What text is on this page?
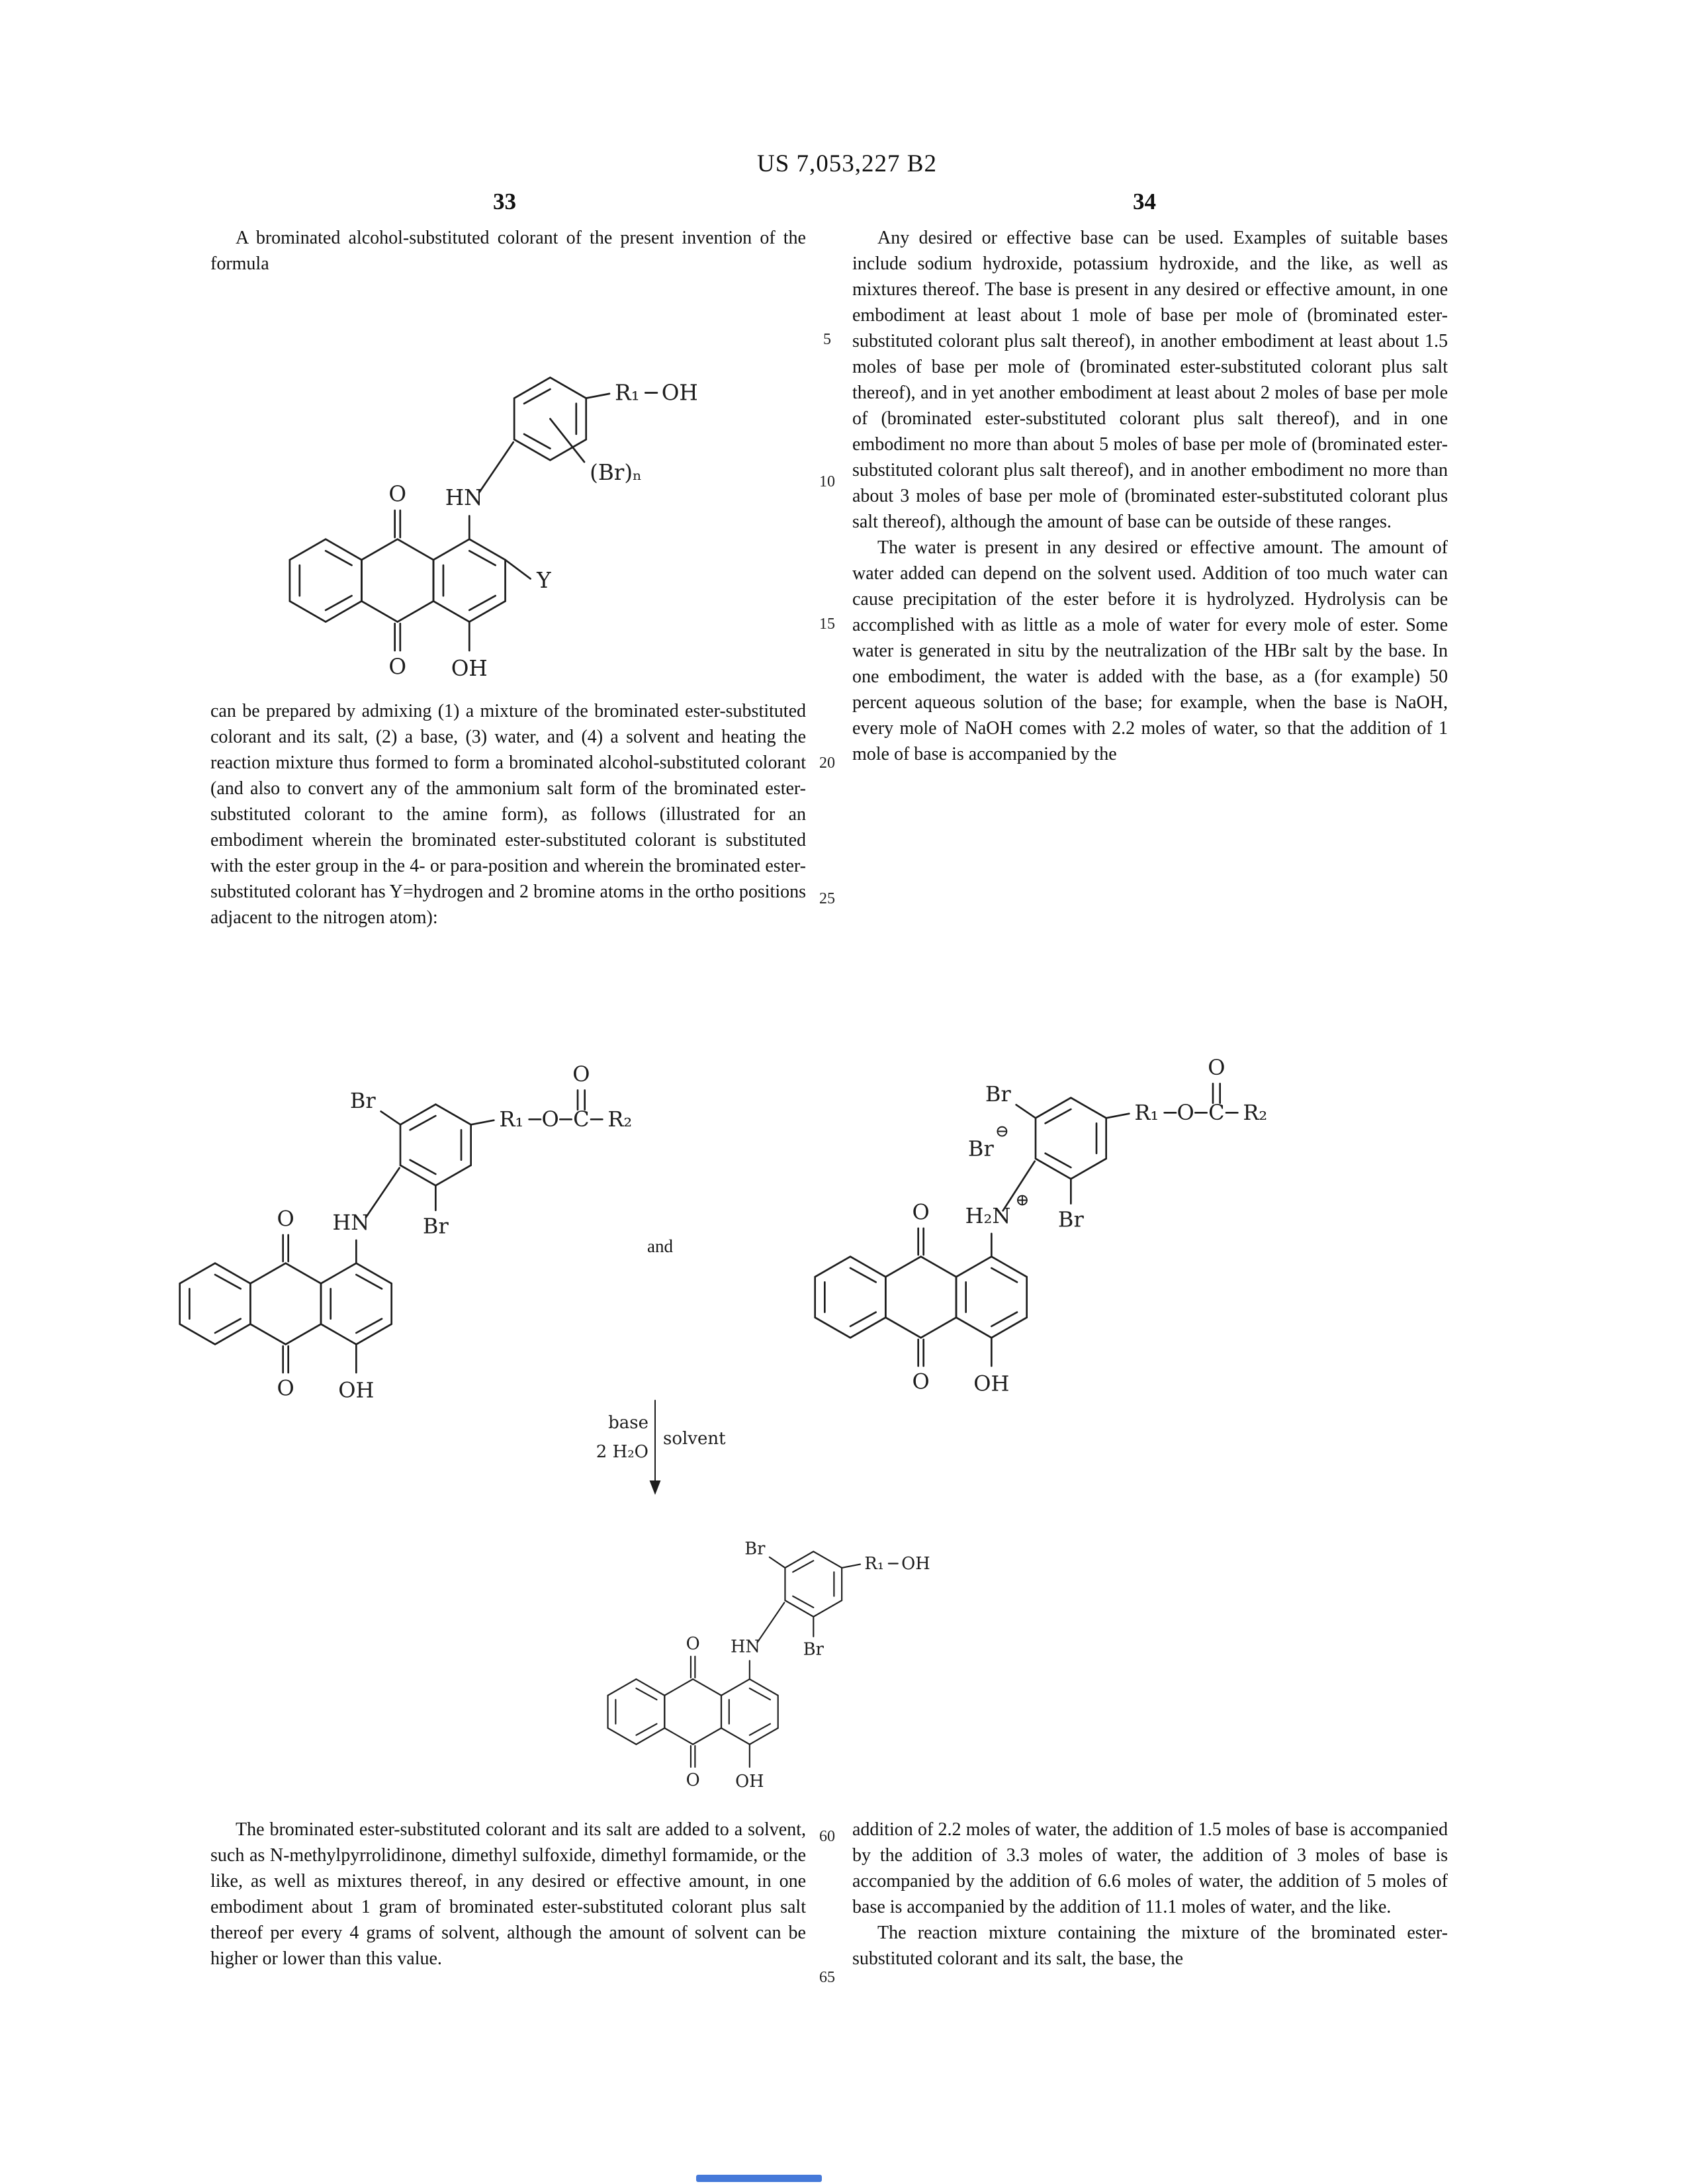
US 7,053,227 B2
33	34
5
10
15
20
25
60
65

A brominated alcohol-substituted colorant of the present invention of the formula

O
O
HN
OH
Y
R₁ OH
(Br)ₙ

can be prepared by admixing (1) a mixture of the brominated ester-substituted colorant and its salt, (2) a base, (3) water, and (4) a solvent and heating the reaction mixture thus formed to form a brominated alcohol-substituted colorant (and also to convert any of the ammonium salt form of the brominated ester-substituted colorant to the amine form), as follows (illustrated for an embodiment wherein the brominated ester-substituted colorant is substituted with the ester group in the 4- or para-position and wherein the brominated ester-substituted colorant has Y=hydrogen and 2 bromine atoms in the ortho positions adjacent to the nitrogen atom):

Any desired or effective base can be used. Examples of suitable bases include sodium hydroxide, potassium hydroxide, and the like, as well as mixtures thereof. The base is present in any desired or effective amount, in one embodiment at least about 1 mole of base per mole of (brominated ester-substituted colorant plus salt thereof), in another embodiment at least about 1.5 moles of base per mole of (brominated ester-substituted colorant plus salt thereof), and in yet another embodiment at least about 2 moles of base per mole of (brominated ester-substituted colorant plus salt thereof), and in one embodiment no more than about 5 moles of base per mole of (brominated ester-substituted colorant plus salt thereof), and in another embodiment no more than about 3 moles of base per mole of (brominated ester-substituted colorant plus salt thereof), although the amount of base can be outside of these ranges.

The water is present in any desired or effective amount. The amount of water added can depend on the solvent used. Addition of too much water can cause precipitation of the ester before it is hydrolyzed. Hydrolysis can be accomplished with as little as a mole of water for every mole of ester. Some water is generated in situ by the neutralization of the HBr salt by the base. In one embodiment, the water is added with the base, as a (for example) 50 percent aqueous solution of the base; for example, when the base is NaOH, every mole of NaOH comes with 2.2 moles of water, so that the addition of 1 mole of base is accompanied by the

O
O
HN
OH
Br
Br
R₁ O C
O
R₂
and
O
O
H₂N
⊕
Br
⊖
OH
Br
Br
R₁ O C
O
R₂
base
2 H₂O
solvent
O
O
HN
OH
Br
Br
R₁ OH

The brominated ester-substituted colorant and its salt are added to a solvent, such as N-methylpyrrolidinone, dimethyl sulfoxide, dimethyl formamide, or the like, as well as mixtures thereof, in any desired or effective amount, in one embodiment about 1 gram of brominated ester-substituted colorant plus salt thereof per every 4 grams of solvent, although the amount of solvent can be higher or lower than this value.

addition of 2.2 moles of water, the addition of 1.5 moles of base is accompanied by the addition of 3.3 moles of water, the addition of 3 moles of base is accompanied by the addition of 6.6 moles of water, the addition of 5 moles of base is accompanied by the addition of 11.1 moles of water, and the like.

The reaction mixture containing the mixture of the brominated ester-substituted colorant and its salt, the base, the
